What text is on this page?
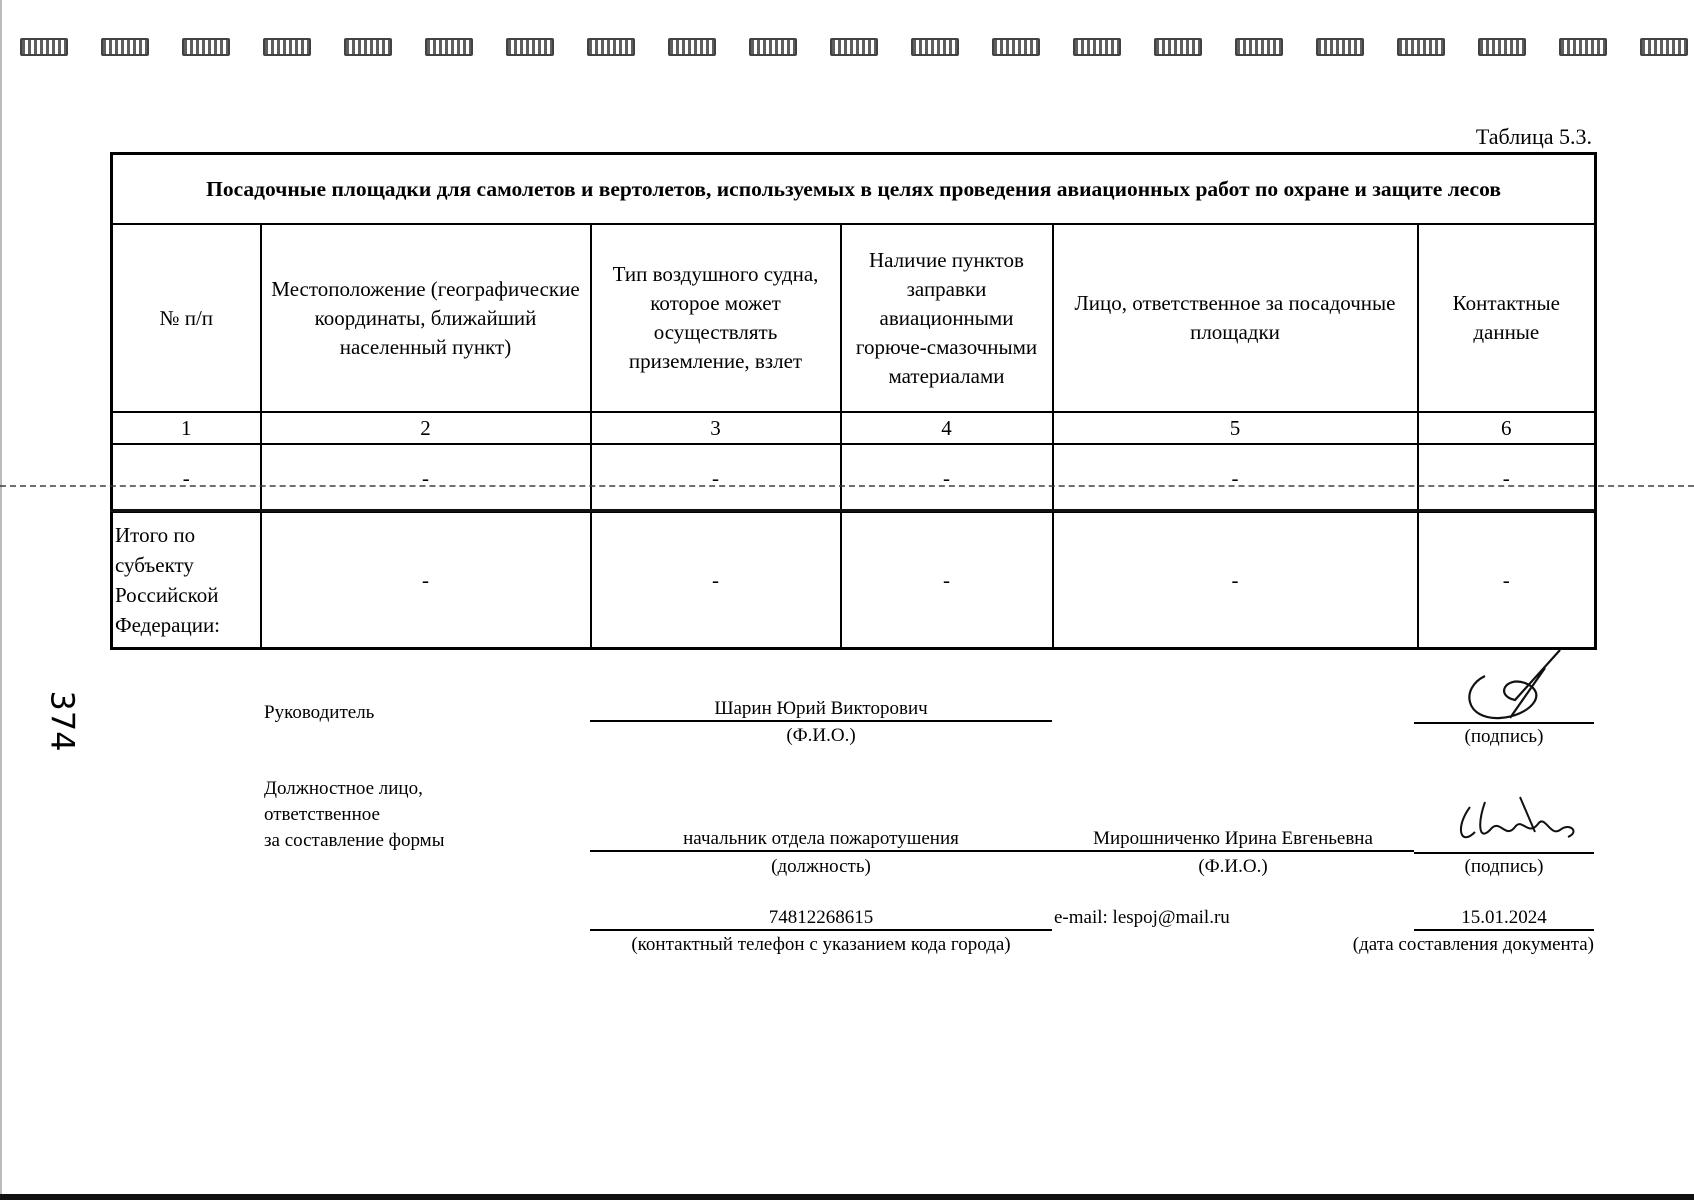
Таблица 5.3.
Посадочные площадки для самолетов и вертолетов, используемых в целях проведения авиационных работ по охране и защите лесов					
№ п/п	Местоположение (географические координаты, ближайший населенный пункт)	Тип воздушного судна, которое может осуществлять приземление, взлет	Наличие пунктов заправки авиационными горюче-смазочными материалами	Лицо, ответственное за посадочные площадки	Контактные данные
1	2	3	4	5	6
-	-	-	-	-	-
Итого по субъекту Российской Федерации:	-	-	-	-	-
374	Руководитель	Шарин Юрий Викторович
(Ф.И.О.)	(подпись)
Должностное лицо,
ответственное
за составление формы	начальник отдела пожаротушения
(должность)
Мирошниченко Ирина Евгеньевна
(Ф.И.О.)	(подпись)
74812268615
(контактный телефон с указанием кода города)
e-mail: lespoj@mail.ru	15.01.2024
(дата составления документа)
